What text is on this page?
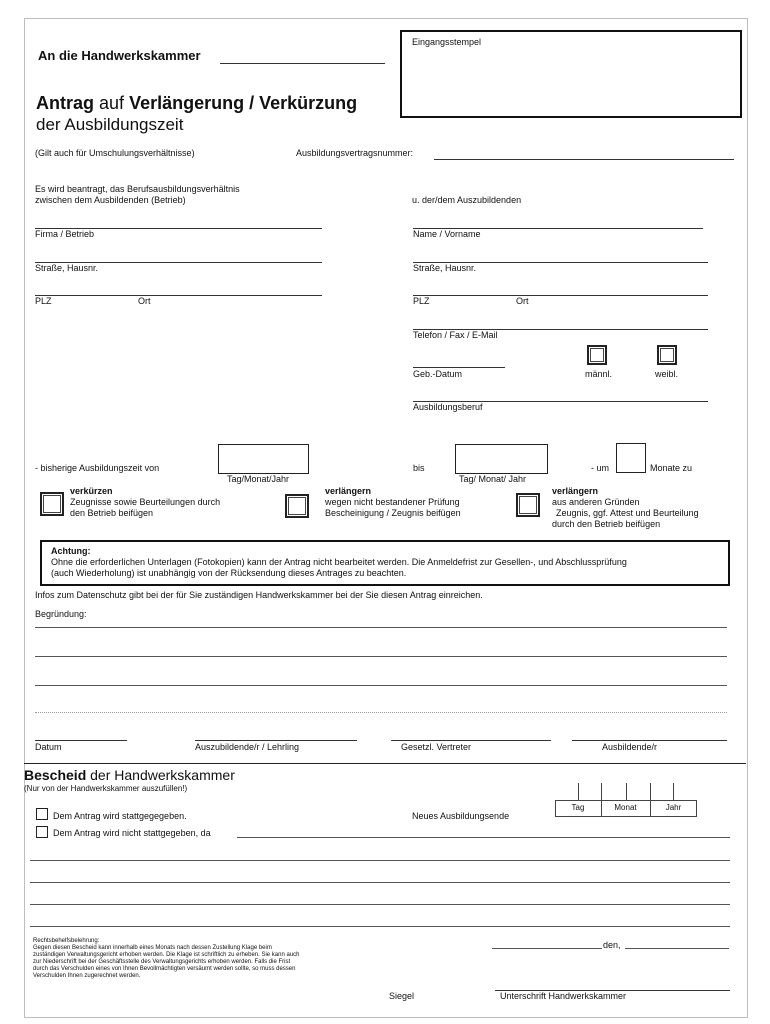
An die Handwerkskammer
Eingangsstempel
Antrag auf Verlängerung / Verkürzung
der Ausbildungszeit
(Gilt auch für Umschulungsverhältnisse)	Ausbildungsvertragsnummer:
Es wird beantragt, das Berufsausbildungsverhältnis
zwischen dem Ausbildenden (Betrieb)	u. der/dem Auszubildenden
Firma / Betrieb
Straße, Hausnr.
PLZ	Ort
Name / Vorname
Straße, Hausnr.
PLZ	Ort
Telefon / Fax / E-Mail
Geb.-Datum	männl.	weibl.
Ausbildungsberuf
- bisherige Ausbildungszeit von
Tag/Monat/Jahr
bis
Tag/ Monat/ Jahr
- um	Monate zu
verkürzen
Zeugnisse sowie Beurteilungen durch
den Betrieb beifügen
verlängern
wegen nicht bestandener Prüfung
Bescheinigung / Zeugnis beifügen
verlängern
aus anderen Gründen
Zeugnis, ggf. Attest und Beurteilung
durch den Betrieb beifügen
Achtung:
Ohne die erforderlichen Unterlagen (Fotokopien) kann der Antrag nicht bearbeitet werden. Die Anmeldefrist zur Gesellen-, und Abschlussprüfung
(auch Wiederholung) ist unabhängig von der Rücksendung dieses Antrages zu beachten.
Infos zum Datenschutz gibt bei der für Sie zuständigen Handwerkskammer bei der Sie diesen Antrag einreichen.
Begründung:
Datum	Auszubildende/r / Lehrling	Gesetzl. Vertreter	Ausbildende/r
Bescheid der Handwerkskammer
(Nur von der Handwerkskammer auszufüllen!)
Dem Antrag wird stattgegegeben.
Dem Antrag wird nicht stattgegeben, da
Neues Ausbildungsende
Tag	Monat	Jahr
Rechtsbehelfsbelehrung:
Gegen diesen Bescheid kann innerhalb eines Monats nach dessen Zustellung Klage beim
zuständigen Verwaltungsgericht erhoben werden. Die Klage ist schriftlich zu erheben. Sie kann auch
zur Niederschrift bei der Geschäftsstelle des Verwaltungsgerichts erhoben werden. Falls die Frist
durch das Verschulden eines von Ihnen Bevollmächtigten versäumt werden sollte, so muss dessen
Verschulden Ihnen zugerechnet werden.
den,
Siegel	Unterschrift Handwerkskammer
